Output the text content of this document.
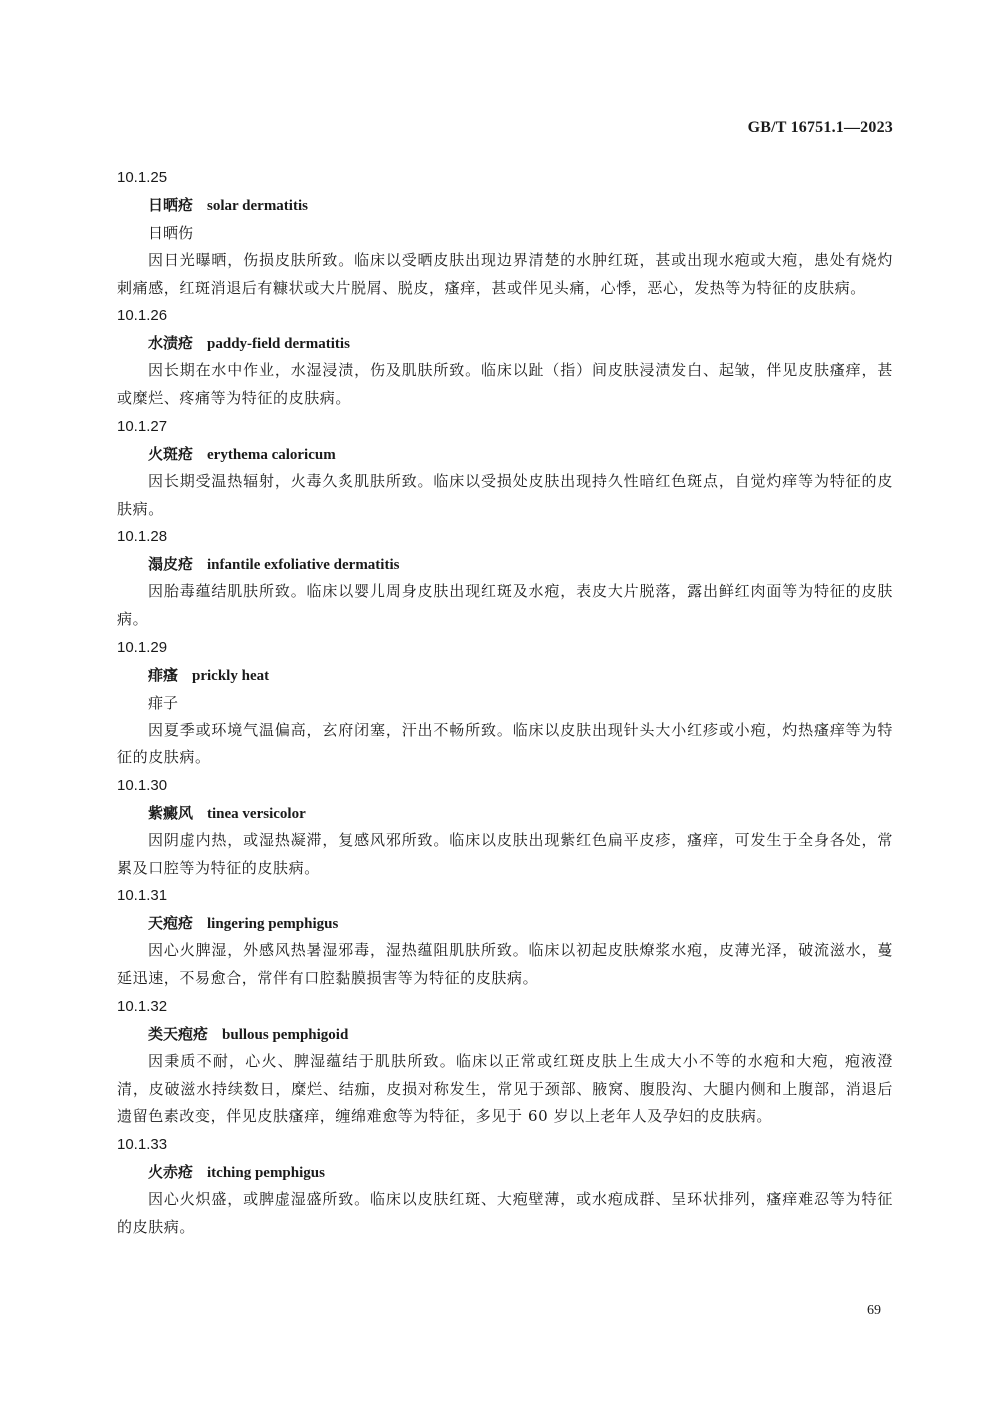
GB/T 16751.1—2023
10.1.25
日晒疮 solar dermatitis
日晒伤

因日光曝晒，伤损皮肤所致。临床以受晒皮肤出现边界清楚的水肿红斑，甚或出现水疱或大疱，患处有烧灼刺痛感，红斑消退后有糠状或大片脱屑、脱皮，瘙痒，甚或伴见头痛，心悸，恶心，发热等为特征的皮肤病。

10.1.26
水渍疮 paddy-field dermatitis

因长期在水中作业，水湿浸渍，伤及肌肤所致。临床以趾（指）间皮肤浸渍发白、起皱，伴见皮肤瘙痒，甚或糜烂、疼痛等为特征的皮肤病。

10.1.27
火斑疮 erythema caloricum

因长期受温热辐射，火毒久炙肌肤所致。临床以受损处皮肤出现持久性暗红色斑点，自觉灼痒等为特征的皮肤病。

10.1.28
溻皮疮 infantile exfoliative dermatitis

因胎毒蕴结肌肤所致。临床以婴儿周身皮肤出现红斑及水疱，表皮大片脱落，露出鲜红肉面等为特征的皮肤病。

10.1.29
痱瘙 prickly heat
痱子

因夏季或环境气温偏高，玄府闭塞，汗出不畅所致。临床以皮肤出现针头大小红疹或小疱，灼热瘙痒等为特征的皮肤病。

10.1.30
紫癜风 tinea versicolor

因阴虚内热，或湿热凝滞，复感风邪所致。临床以皮肤出现紫红色扁平皮疹，瘙痒，可发生于全身各处，常累及口腔等为特征的皮肤病。

10.1.31
天疱疮 lingering pemphigus

因心火脾湿，外感风热暑湿邪毒，湿热蕴阻肌肤所致。临床以初起皮肤燎浆水疱，皮薄光泽，破流滋水，蔓延迅速，不易愈合，常伴有口腔黏膜损害等为特征的皮肤病。

10.1.32
类天疱疮 bullous pemphigoid

因秉质不耐，心火、脾湿蕴结于肌肤所致。临床以正常或红斑皮肤上生成大小不等的水疱和大疱，疱液澄清，皮破滋水持续数日，糜烂、结痂，皮损对称发生，常见于颈部、腋窝、腹股沟、大腿内侧和上腹部，消退后遗留色素改变，伴见皮肤瘙痒，缠绵难愈等为特征，多见于 60 岁以上老年人及孕妇的皮肤病。

10.1.33
火赤疮 itching pemphigus

因心火炽盛，或脾虚湿盛所致。临床以皮肤红斑、大疱壁薄，或水疱成群、呈环状排列，瘙痒难忍等为特征的皮肤病。

69
